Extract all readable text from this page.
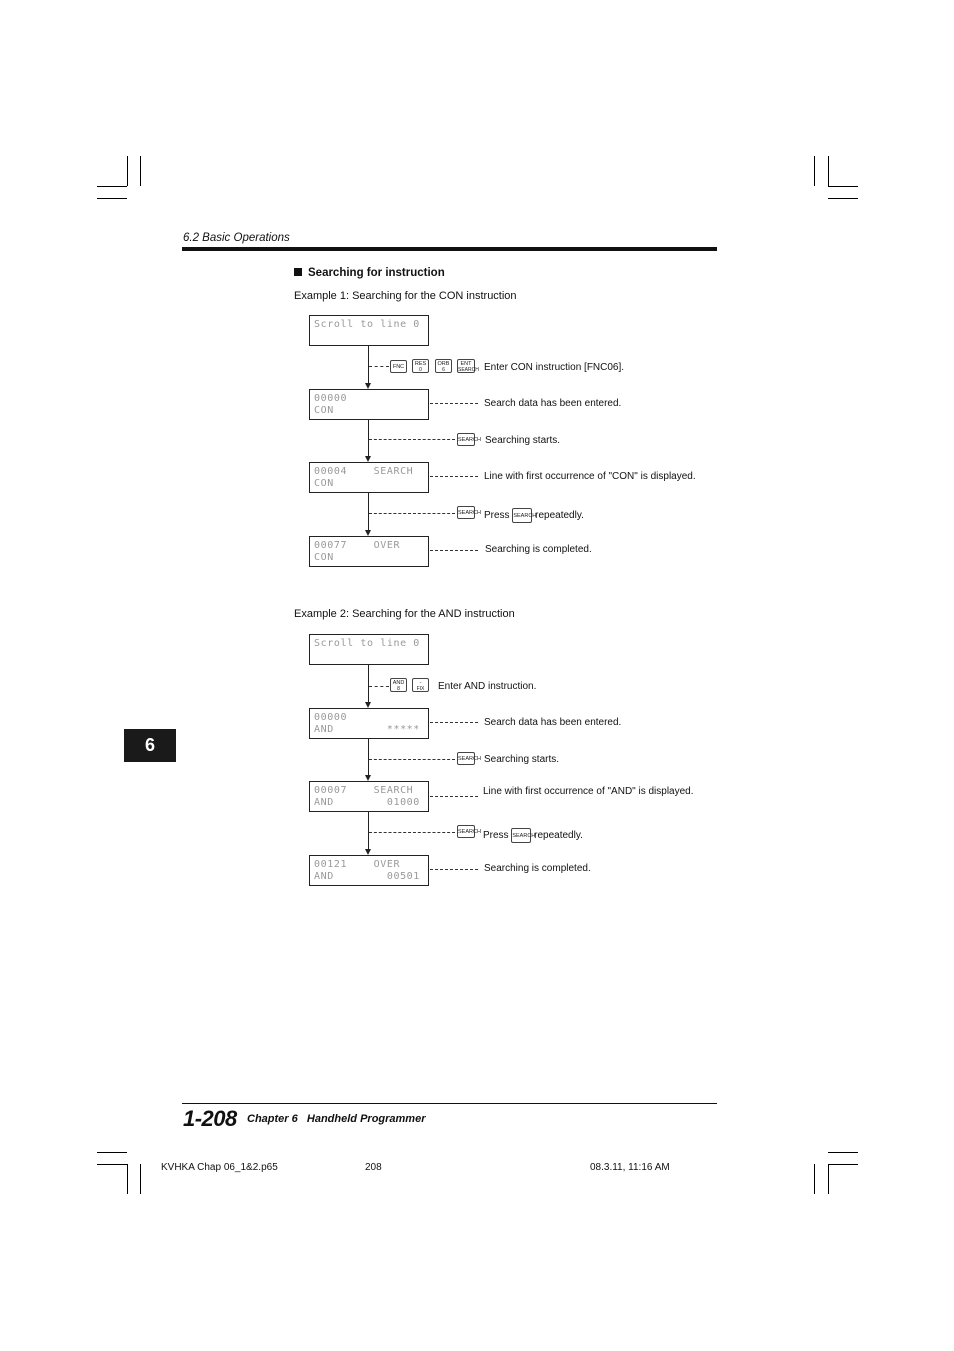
6.2 Basic Operations
Searching for instruction
Example 1: Searching for the CON instruction
Scroll to line 0
00000
CON
00004    SEARCH
CON
00077    OVER
CON
FNC	RES
0
ORB
6
ENT
SEARCH Enter CON instruction [FNC06].
Search data has been entered.
SEARCH Searching starts.
Line with first occurrence of "CON" is displayed.
SEARCH Press SEARCH repeatedly.
Searching is completed.
Example 2: Searching for the AND instruction
Scroll to line 0
00000
AND        *****
00007    SEARCH
AND        01000
00121    OVER
AND        00501
AND
8
-
FIX	Enter AND instruction.
Search data has been entered.
SEARCH Searching starts.
Line with first occurrence of "AND" is displayed.
SEARCH Press SEARCH repeatedly.
Searching is completed.
6
1-208 Chapter 6   Handheld Programmer
KVHKA Chap 06_1&2.p65	208	08.3.11, 11:16 AM
